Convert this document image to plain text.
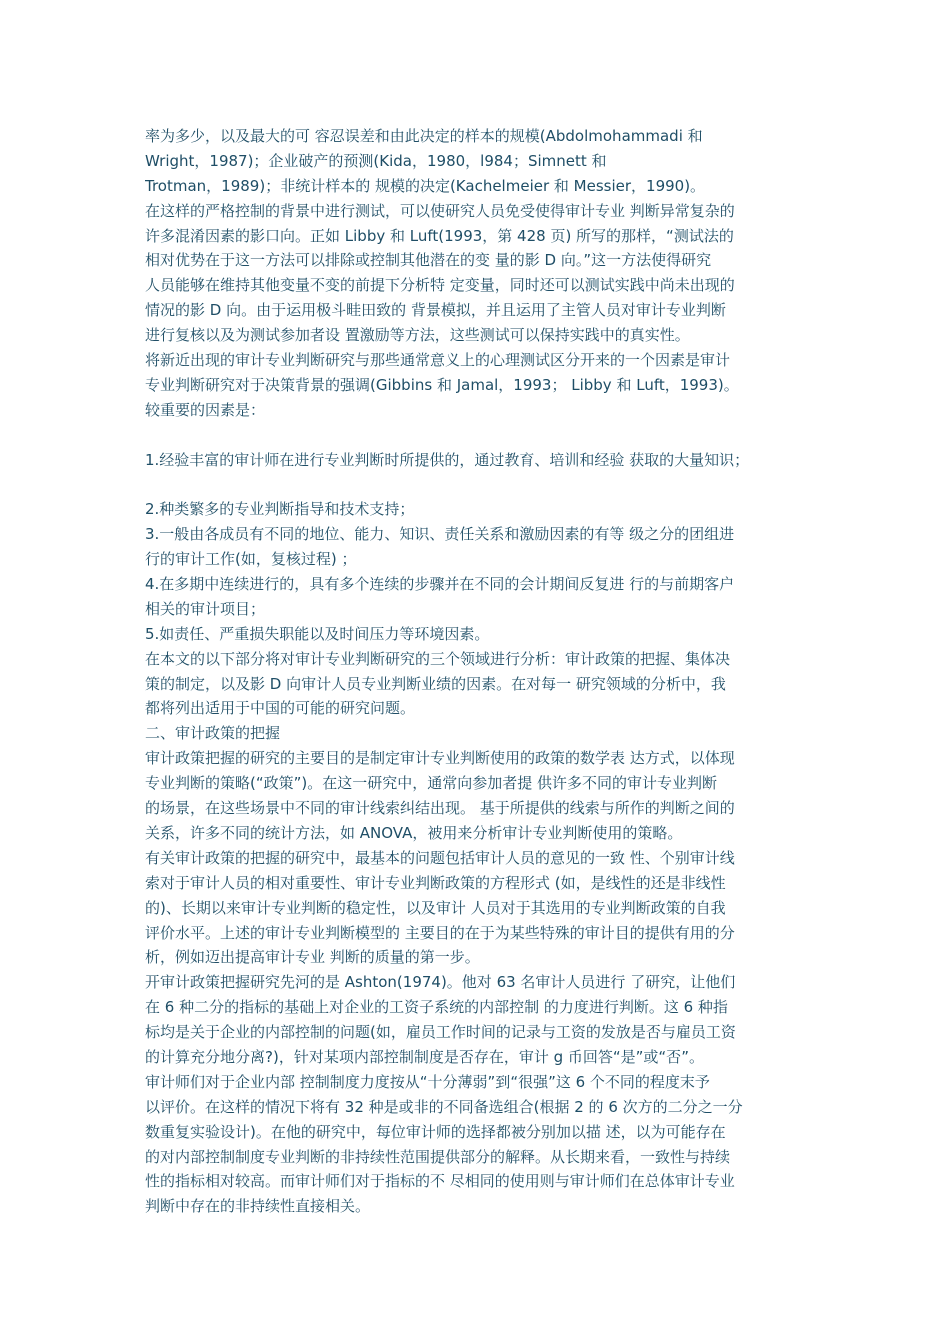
率为多少，以及最大的可 容忍误差和由此决定的样本的规模(Abdolmohammadi 和
Wright，1987)；企业破产的预测(Kida，1980，l984；Simnett 和
Trotman，1989)；非统计样本的 规模的决定(Kachelmeier 和 Messier，1990)。
在这样的严格控制的背景中进行测试，可以使研究人员免受使得审计专业 判断异常复杂的
许多混淆因素的影口向。正如 Libby 和 Luft(1993，第 428 页) 所写的那样，“测试法的
相对优势在于这一方法可以排除或控制其他潜在的变 量的影 D 向。”这一方法使得研究
人员能够在维持其他变量不变的前提下分析特 定变量，同时还可以测试实践中尚未出现的
情况的影 D 向。由于运用极斗畦田致的 背景模拟，并且运用了主管人员对审计专业判断
进行复核以及为测试参加者设 置激励等方法，这些测试可以保持实践中的真实性。
将新近出现的审计专业判断研究与那些通常意义上的心理测试区分开来的一个因素是审计
专业判断研究对于决策背景的强调(Gibbins 和 Jamal，1993； Libby 和 Luft，1993)。
较重要的因素是：
1.经验丰富的审计师在进行专业判断时所提供的，通过教育、培训和经验 获取的大量知识；
2.种类繁多的专业判断指导和技术支持；
3.一般由各成员有不同的地位、能力、知识、责任关系和激励因素的有等 级之分的团组进
行的审计工作(如，复核过程) ；
4.在多期中连续进行的，具有多个连续的步骤并在不同的会计期间反复进 行的与前期客户
相关的审计项目；
5.如责任、严重损失职能以及时间压力等环境因素。
在本文的以下部分将对审计专业判断研究的三个领域进行分析：审计政策的把握、集体决
策的制定，以及影 D 向审计人员专业判断业绩的因素。在对每一 研究领域的分析中，我
都将列出适用于中国的可能的研究问题。
二、审计政策的把握
审计政策把握的研究的主要目的是制定审计专业判断使用的政策的数学表 达方式，以体现
专业判断的策略(“政策”)。在这一研究中，通常向参加者提 供许多不同的审计专业判断
的场景，在这些场景中不同的审计线索纠结出现。 基于所提供的线索与所作的判断之间的
关系，许多不同的统计方法，如 ANOVA，被用来分析审计专业判断使用的策略。
有关审计政策的把握的研究中，最基本的问题包括审计人员的意见的一致 性、个别审计线
索对于审计人员的相对重要性、审计专业判断政策的方程形式 (如，是线性的还是非线性
的)、长期以来审计专业判断的稳定性，以及审计 人员对于其选用的专业判断政策的自我
评价水平。上述的审计专业判断模型的 主要目的在于为某些特殊的审计目的提供有用的分
析，例如迈出提高审计专业 判断的质量的第一步。
开审计政策把握研究先河的是 Ashton(1974)。他对 63 名审计人员进行 了研究，让他们
在 6 种二分的指标的基础上对企业的工资子系统的内部控制 的力度进行判断。这 6 种指
标均是关于企业的内部控制的问题(如，雇员工作时间的记录与工资的发放是否与雇员工资
的计算充分地分离?)，针对某项内部控制制度是否存在，审计 g 币回答“是”或“否”。
审计师们对于企业内部 控制制度力度按从“十分薄弱”到“很强”这 6 个不同的程度末予
以评价。在这样的情况下将有 32 种是或非的不同备选组合(根据 2 的 6 次方的二分之一分
数重复实验设计)。在他的研究中，每位审计师的选择都被分别加以描 述，以为可能存在
的对内部控制制度专业判断的非持续性范围提供部分的解释。从长期来看，一致性与持续
性的指标相对较高。而审计师们对于指标的不 尽相同的使用则与审计师们在总体审计专业
判断中存在的非持续性直接相关。
